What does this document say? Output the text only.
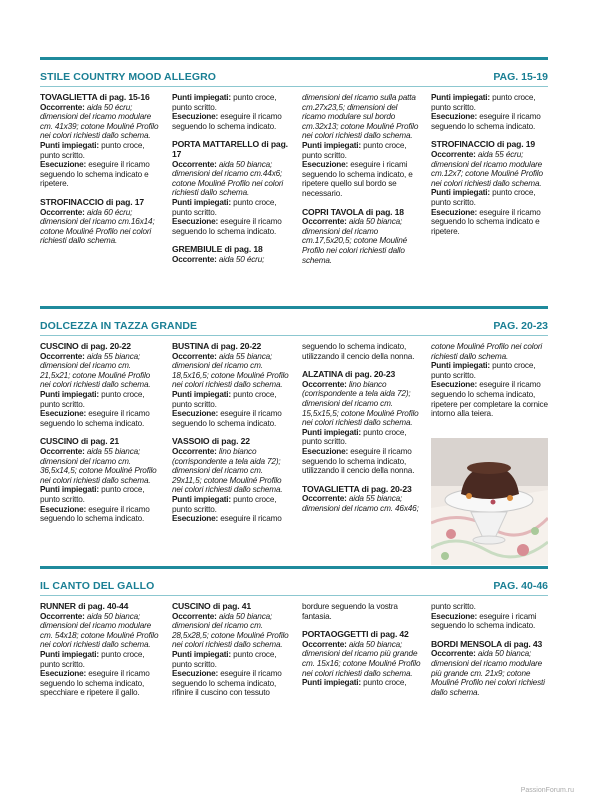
STILE COUNTRY MOOD ALLEGRO	PAG. 15-19

TOVAGLIETTA di pag. 15-16

Occorrente: aida 50 écru; dimensioni del ricamo modulare cm. 41x39; cotone Mouliné Profilo nei colori richiesti dallo schema.

Punti impiegati: punto croce, punto scritto.

Esecuzione: eseguire il ricamo seguendo lo schema indicato e ripetere.

STROFINACCIO di pag. 17

Occorrente: aida 60 écru; dimensioni del ricamo cm.16x14; cotone Mouliné Profilo nei colori richiesti dallo schema.

Punti impiegati: punto croce, punto scritto.

Esecuzione: eseguire il ricamo seguendo lo schema indicato.

PORTA MATTARELLO di pag. 17

Occorrente: aida 50 bianca; dimensioni del ricamo cm.44x6; cotone Mouliné Profilo nei colori richiesti dallo schema.

Punti impiegati: punto croce, punto scritto.

Esecuzione: eseguire il ricamo seguendo lo schema indicato.

GREMBIULE di pag. 18

Occorrente: aida 50 écru;

dimensioni del ricamo sulla patta cm.27x23,5; dimensioni del ricamo modulare sul bordo cm.32x13; cotone Mouliné Profilo nei colori richiesti dallo schema.

Punti impiegati: punto croce, punto scritto.

Esecuzione: eseguire i ricami seguendo lo schema indicato, e ripetere quello sul bordo se necessario.

COPRI TAVOLA di pag. 18

Occorrente: aida 50 bianca; dimensioni del ricamo cm.17,5x20,5; cotone Mouliné Profilo nei colori richiesti dallo schema.

Punti impiegati: punto croce, punto scritto.

Esecuzione: eseguire il ricamo seguendo lo schema indicato.

STROFINACCIO di pag. 19

Occorrente: aida 55 écru; dimensioni del ricamo modulare cm.12x7; cotone Mouliné Profilo nei colori richiesti dallo schema.

Punti impiegati: punto croce, punto scritto.

Esecuzione: eseguire il ricamo seguendo lo schema indicato e ripetere.

DOLCEZZA IN TAZZA GRANDE	PAG. 20-23

CUSCINO di pag. 20-22

Occorrente: aida 55 bianca; dimensioni del ricamo cm. 21,5x21; cotone Mouliné Profilo nei colori richiesti dallo schema.

Punti impiegati: punto croce, punto scritto.

Esecuzione: eseguire il ricamo seguendo lo schema indicato.

CUSCINO di pag. 21

Occorrente: aida 55 bianca; dimensioni del ricamo cm. 36,5x14,5; cotone Mouliné Profilo nei colori richiesti dallo schema.

Punti impiegati: punto croce, punto scritto.

Esecuzione: eseguire il ricamo seguendo lo schema indicato.

BUSTINA di pag. 20-22

Occorrente: aida 55 bianca; dimensioni del ricamo cm. 18,5x16,5; cotone Mouliné Profilo nei colori richiesti dallo schema.

Punti impiegati: punto croce, punto scritto.

Esecuzione: eseguire il ricamo seguendo lo schema indicato.

VASSOIO di pag. 22

Occorrente: lino bianco (corrispondente a tela aida 72); dimensioni del ricamo cm. 29x11,5; cotone Mouliné Profilo nei colori richiesti dallo schema.

Punti impiegati: punto croce, punto scritto.

Esecuzione: eseguire il ricamo

seguendo lo schema indicato, utilizzando il cencio della nonna.

ALZATINA di pag. 20-23

Occorrente: lino bianco (corrispondente a tela aida 72); dimensioni del ricamo cm. 15,5x15,5; cotone Mouliné Profilo nei colori richiesti dallo schema.

Punti impiegati: punto croce, punto scritto.

Esecuzione: eseguire il ricamo seguendo lo schema indicato, utilizzando il cencio della nonna.

TOVAGLIETTA di pag. 20-23

Occorrente: aida 55 bianca; dimensioni del ricamo cm. 46x46;

cotone Mouliné Profilo nei colori richiesti dallo schema.

Punti impiegati: punto croce, punto scritto.

Esecuzione: eseguire il ricamo seguendo lo schema indicato, ripetere per completare la cornice intorno alla teiera.

IL CANTO DEL GALLO	PAG. 40-46

RUNNER di pag. 40-44

Occorrente: aida 50 bianca; dimensioni del ricamo modulare cm. 54x18; cotone Mouliné Profilo nei colori richiesti dallo schema.

Punti impiegati: punto croce, punto scritto.

Esecuzione: eseguire il ricamo seguendo lo schema indicato, specchiare e ripetere il gallo.

CUSCINO di pag. 41

Occorrente: aida 50 bianca; dimensioni del ricamo cm. 28,5x28,5; cotone Mouliné Profilo nei colori richiesti dallo schema.

Punti impiegati: punto croce, punto scritto.

Esecuzione: eseguire il ricamo seguendo lo schema indicato, rifinire il cuscino con tessuto

bordure seguendo la vostra fantasia.

PORTAOGGETTI di pag. 42

Occorrente: aida 50 bianca; dimensioni del ricamo più grande cm. 15x16; cotone Mouliné Profilo nei colori richiesti dallo schema.

Punti impiegati: punto croce,

punto scritto.

Esecuzione: eseguire i ricami seguendo lo schema indicato.

BORDI MENSOLA di pag. 43

Occorrente: aida 50 bianca; dimensioni del ricamo modulare più grande cm. 21x9; cotone Mouliné Profilo nei colori richiesti dallo schema.

PassionForum.ru
